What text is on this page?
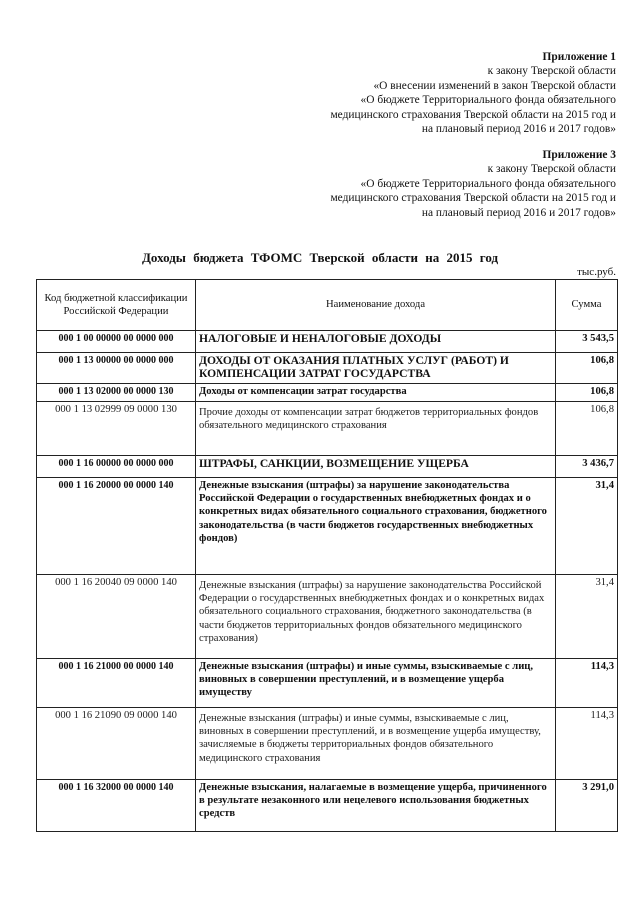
Приложение 1
к закону Тверской области
«О внесении изменений в закон Тверской области
«О бюджете Территориального фонда обязательного
медицинского страхования Тверской области на 2015 год и
на плановый период 2016 и 2017 годов»
Приложение 3
к закону Тверской области
«О бюджете Территориального фонда обязательного
медицинского страхования Тверской области на 2015 год и
на плановый период 2016 и 2017 годов»
Доходы бюджета ТФОМС Тверской области на 2015 год
тыс.руб.
Код бюджетной классификации Российской Федерации	Наименование дохода	Сумма
000 1 00 00000 00 0000 000	НАЛОГОВЫЕ И НЕНАЛОГОВЫЕ ДОХОДЫ	3 543,5
000 1 13 00000 00 0000 000	ДОХОДЫ ОТ ОКАЗАНИЯ ПЛАТНЫХ УСЛУГ (РАБОТ) И КОМПЕНСАЦИИ ЗАТРАТ ГОСУДАРСТВА	106,8
000 1 13 02000 00 0000 130	Доходы от компенсации затрат государства	106,8
000 1 13 02999 09 0000 130	Прочие доходы от компенсации затрат бюджетов территориальных фондов обязательного медицинского страхования	106,8
000 1 16 00000 00 0000 000	ШТРАФЫ, САНКЦИИ, ВОЗМЕЩЕНИЕ УЩЕРБА	3 436,7
000 1 16 20000 00 0000 140	Денежные взыскания (штрафы) за нарушение законодательства Российской Федерации о государственных внебюджетных фондах и о конкретных видах обязательного социального страхования, бюджетного законодательства (в части бюджетов государственных внебюджетных фондов)	31,4
000 1 16 20040 09 0000 140	Денежные взыскания (штрафы) за нарушение законодательства Российской Федерации о государственных внебюджетных фондах и о конкретных видах обязательного социального страхования, бюджетного законодательства (в части бюджетов территориальных фондов обязательного медицинского страхования)	31,4
000 1 16 21000 00 0000 140	Денежные взыскания (штрафы) и иные суммы, взыскиваемые с лиц, виновных в совершении преступлений, и в возмещение ущерба имуществу	114,3
000 1 16 21090 09 0000 140	Денежные взыскания (штрафы) и иные суммы, взыскиваемые с лиц, виновных в совершении преступлений, и в возмещение ущерба имуществу, зачисляемые в бюджеты территориальных фондов обязательного медицинского страхования	114,3
000 1 16 32000 00 0000 140	Денежные взыскания, налагаемые в возмещение ущерба, причиненного в результате незаконного или нецелевого использования бюджетных средств	3 291,0
